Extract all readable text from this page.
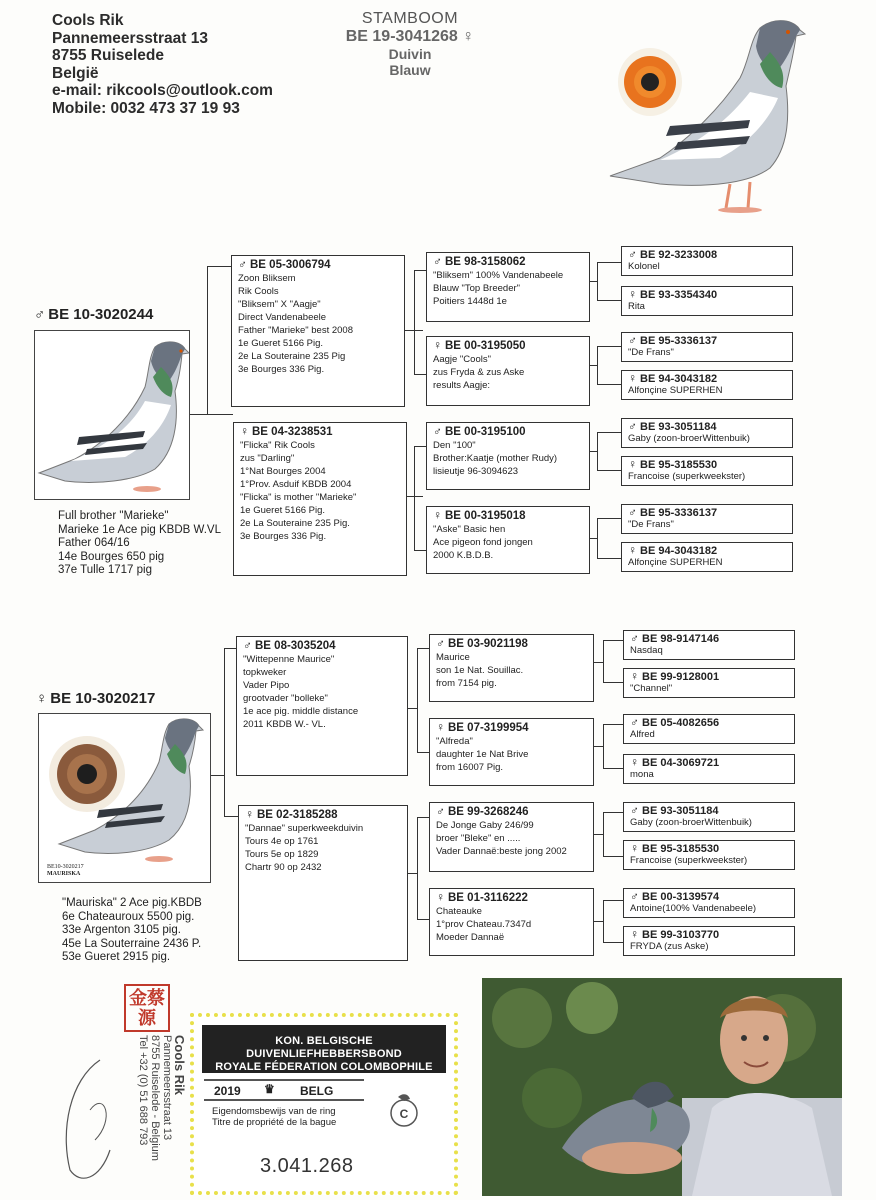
Cools Rik
Pannemeersstraat 13
8755 Ruiselede
België
e-mail: rikcools@outlook.com
Mobile: 0032 473 37 19 93
STAMBOOM
BE 19-3041268 ♀
Duivin
Blauw
♂ BE 10-3020244
Full brother "Marieke"
Marieke 1e Ace pig KBDB W.VL
Father 064/16
14e Bourges 650 pig
37e Tulle 1717 pig
♂ BE 05-3006794
Zoon Bliksem
Rik Cools
"Bliksem" X "Aagje"
Direct Vandenabeele
Father "Marieke" best 2008
1e Gueret 5166 Pig.
2e La Souteraine 235 Pig
3e Bourges 336 Pig.
♀ BE 04-3238531
"Flicka" Rik Cools
zus "Darling"
1°Nat Bourges 2004
1°Prov. Asduif KBDB 2004
"Flicka" is mother "Marieke"
1e Gueret 5166 Pig.
2e La Souteraine 235 Pig.
3e Bourges 336 Pig.
♂ BE 98-3158062
"Bliksem" 100% Vandenabeele
Blauw "Top Breeder"
Poitiers 1448d 1e
♀ BE 00-3195050
Aagje "Cools"
zus Fryda & zus Aske
results Aagje:
♂ BE 00-3195100
Den "100"
Brother:Kaatje (mother Rudy)
lisieutje 96-3094623
♀ BE 00-3195018
"Aske" Basic hen
Ace pigeon fond jongen
2000 K.B.D.B.
♂ BE 92-3233008
Kolonel
♀ BE 93-3354340
Rita
♂ BE 95-3336137
"De Frans"
♀ BE 94-3043182
Alfonçine SUPERHEN
♂ BE 93-3051184
Gaby (zoon-broerWittenbuik)
♀ BE 95-3185530
Francoise (superkweekster)
♂ BE 95-3336137
"De Frans"
♀ BE 94-3043182
Alfonçine SUPERHEN
♀ BE 10-3020217
BE10-3020217
MAURISKA
"Mauriska" 2 Ace pig.KBDB
6e Chateauroux 5500 pig.
33e Argenton 3105 pig.
45e La Souterraine 2436 P.
53e Gueret 2915 pig.
♂ BE 08-3035204
"Wittepenne Maurice"
topkweker
Vader Pipo
grootvader "bolleke"
1e ace pig. middle distance
2011 KBDB W.- VL.
♀ BE 02-3185288
"Dannae" superkweekduivin
Tours 4e op 1761
Tours 5e op 1829
Chartr 90 op 2432
♂ BE 03-9021198
Maurice
son 1e Nat. Souillac.
from 7154 pig.
♀ BE 07-3199954
"Alfreda"
daughter 1e Nat Brive
from 16007 Pig.
♂ BE 99-3268246
De Jonge Gaby 246/99
broer "Bleke" en .....
Vader Dannaë:beste jong 2002
♀ BE 01-3116222
Chateauke
1°prov Chateau.7347d
Moeder Dannaë
♂ BE 98-9147146
Nasdaq
♀ BE 99-9128001
"Channel"
♂ BE 05-4082656
Alfred
♀ BE 04-3069721
mona
♂ BE 93-3051184
Gaby (zoon-broerWittenbuik)
♀ BE 95-3185530
Francoise (superkweekster)
♂ BE 00-3139574
Antoine(100% Vandenabeele)
♀ BE 99-3103770
FRYDA (zus Aske)
金蔡源
Cools Rik
Pannemeersstraat 13
8755 Ruiselede - Belgium
Tel +32 (0) 51 688 793	KON. BELGISCHE DUIVENLIEFHEBBERSBOND
ROYALE FÉDERATION COLOMBOPHILE BELGE
2019 ♛ BELG
Eigendomsbewijs van de ring
Titre de propriété de la bague
C
3.041.268
